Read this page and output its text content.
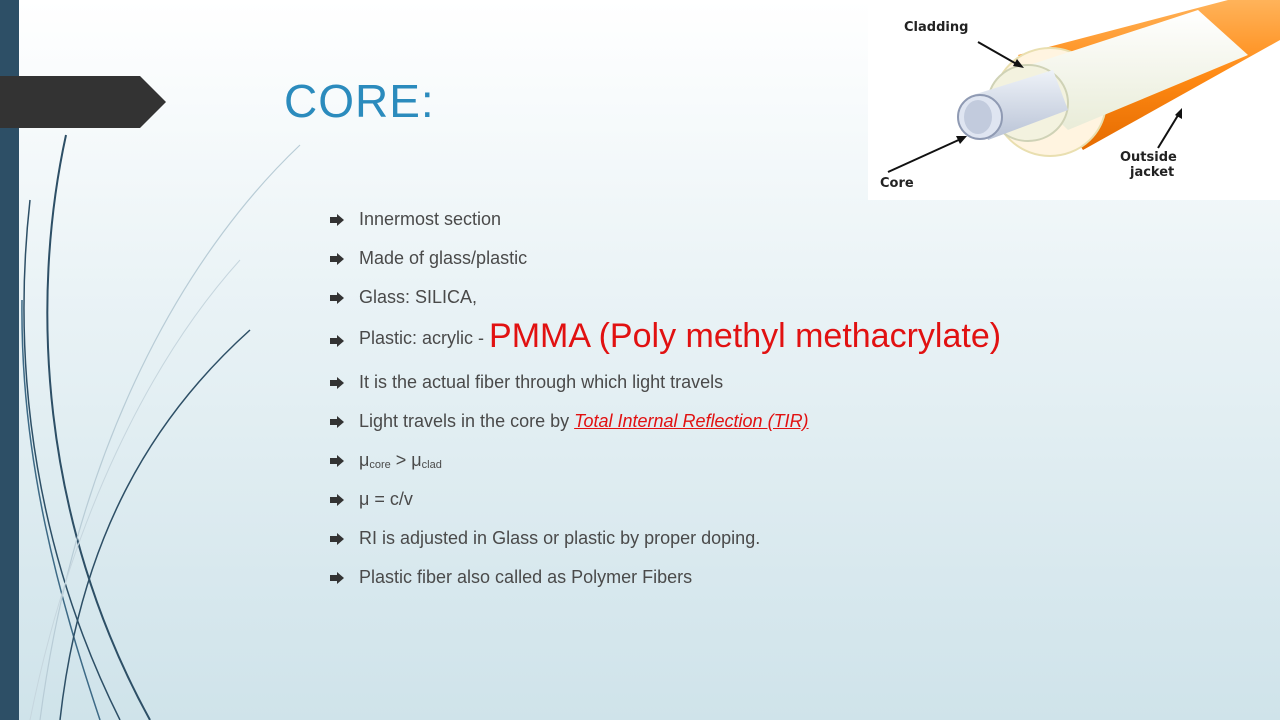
CORE:
Cladding
Core
Outside
jacket
Innermost section
Made of glass/plastic
Glass: SILICA,
Plastic: acrylic - PMMA (Poly methyl methacrylate)
It is the actual fiber through which light travels
Light travels in the core by Total Internal Reflection (TIR)
μcore > μclad
μ = c/v
RI is adjusted in Glass or plastic by proper doping.
Plastic fiber also called as Polymer Fibers
